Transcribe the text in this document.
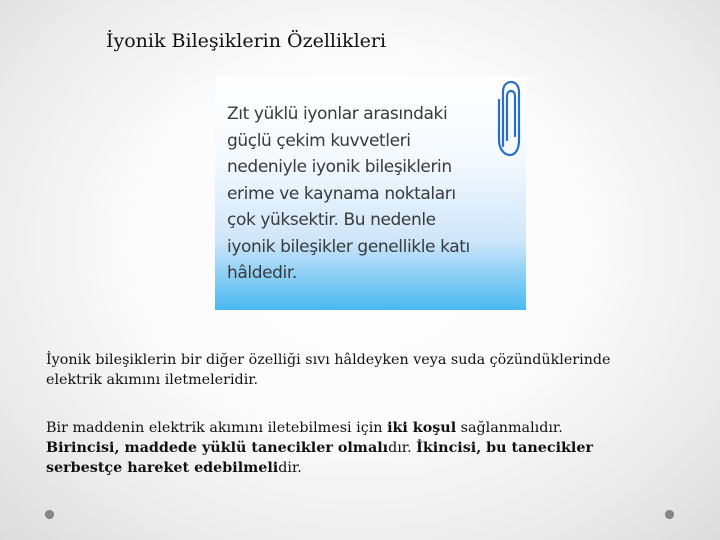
İyonik Bileşiklerin Özellikleri
Zıt yüklü iyonlar arasındaki
güçlü çekim kuvvetleri
nedeniyle iyonik bileşiklerin
erime ve kaynama noktaları
çok yüksektir. Bu nedenle
iyonik bileşikler genellikle katı
hâldedir.
İyonik bileşiklerin bir diğer özelliği sıvı hâldeyken veya suda çözündüklerinde
elektrik akımını iletmeleridir.
Bir maddenin elektrik akımını iletebilmesi için iki koşul sağlanmalıdır.
Birincisi, maddede yüklü tanecikler olmalıdır. İkincisi, bu tanecikler
serbestçe hareket edebilmelidir.
